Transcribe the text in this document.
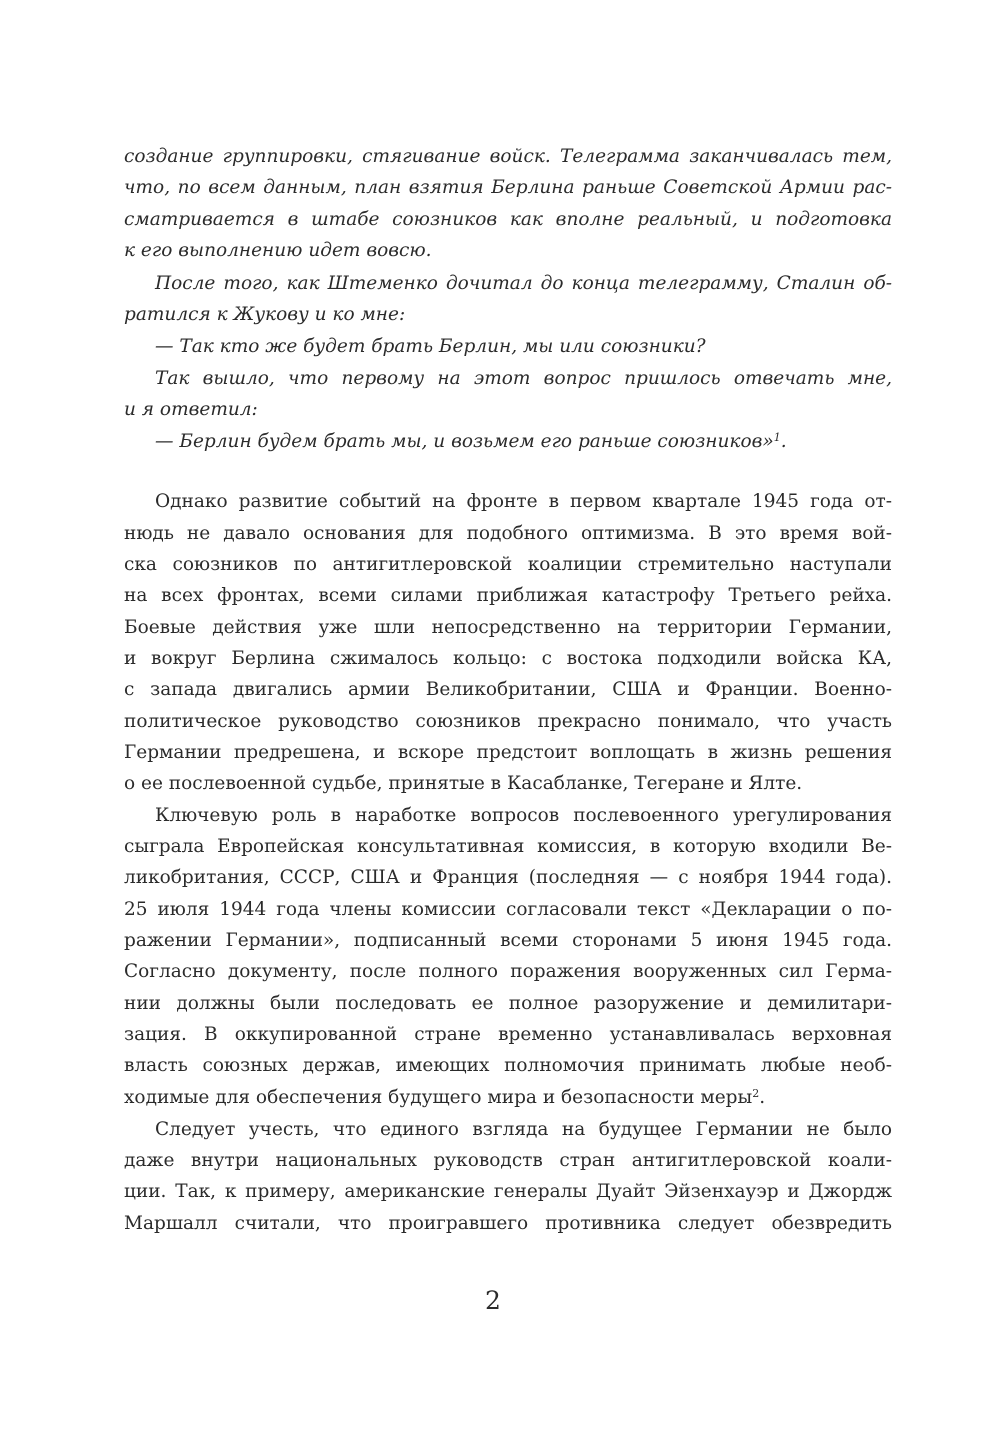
создание группировки, стягивание войск. Телеграмма заканчивалась тем,
что, по всем данным, план взятия Берлина раньше Советской Армии рас-
сматривается в штабе союзников как вполне реальный, и подготовка
к его выполнению идет вовсю.
После того, как Штеменко дочитал до конца телеграмму, Сталин об-
ратился к Жукову и ко мне:
— Так кто же будет брать Берлин, мы или союзники?
Так вышло, что первому на этот вопрос пришлось отвечать мне,
и я ответил:
— Берлин будем брать мы, и возьмем его раньше союзников»$^1$.
Однако развитие событий на фронте в первом квартале 1945 года от-
нюдь не давало основания для подобного оптимизма. В это время вой-
ска союзников по антигитлеровской коалиции стремительно наступали
на всех фронтах, всеми силами приближая катастрофу Третьего рейха.
Боевые действия уже шли непосредственно на территории Германии,
и вокруг Берлина сжималось кольцо: с востока подходили войска КА,
с запада двигались армии Великобритании, США и Франции. Военно-
политическое руководство союзников прекрасно понимало, что участь
Германии предрешена, и вскоре предстоит воплощать в жизнь решения
о ее послевоенной судьбе, принятые в Касабланке, Тегеране и Ялте.
Ключевую роль в наработке вопросов послевоенного урегулирования
сыграла Европейская консультативная комиссия, в которую входили Ве-
ликобритания, СССР, США и Франция (последняя — с ноября 1944 года).
25 июля 1944 года члены комиссии согласовали текст «Декларации о по-
ражении Германии», подписанный всеми сторонами 5 июня 1945 года.
Согласно документу, после полного поражения вооруженных сил Герма-
нии должны были последовать ее полное разоружение и демилитари-
зация. В оккупированной стране временно устанавливалась верховная
власть союзных держав, имеющих полномочия принимать любые необ-
ходимые для обеспечения будущего мира и безопасности меры$^2$.
Следует учесть, что единого взгляда на будущее Германии не было
даже внутри национальных руководств стран антигитлеровской коали-
ции. Так, к примеру, американские генералы Дуайт Эйзенхауэр и Джордж
Маршалл считали, что проигравшего противника следует обезвредить
2
